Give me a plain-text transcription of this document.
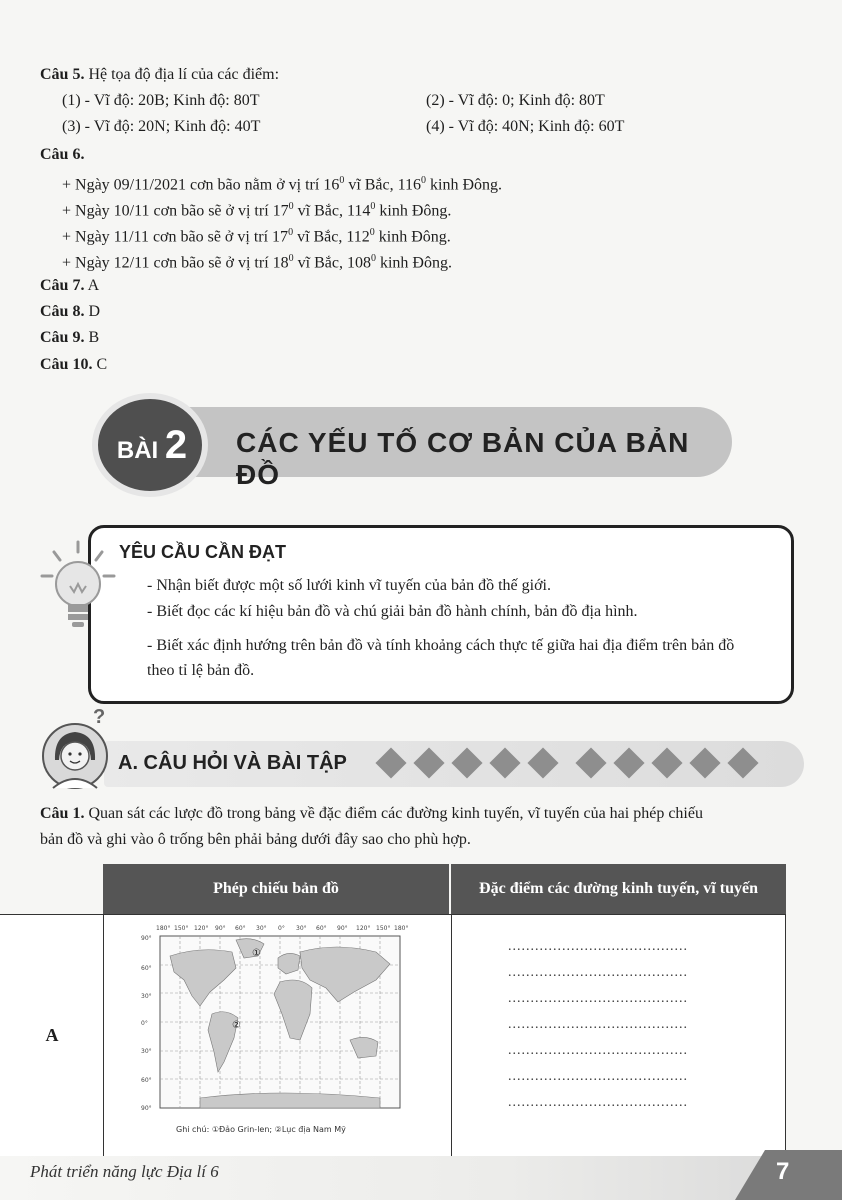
Câu 5. Hệ tọa độ địa lí của các điểm:
(1) - Vĩ độ: 20B; Kinh độ: 80T	(2) - Vĩ độ: 0; Kinh độ: 80T
(3) - Vĩ độ: 20N; Kinh độ: 40T	(4) - Vĩ độ: 40N; Kinh độ: 60T
Câu 6.
+ Ngày 09/11/2021 cơn bão nằm ở vị trí $16^0$ vĩ Bắc, $116^0$ kinh Đông.
+ Ngày 10/11 cơn bão sẽ ở vị trí $17^0$ vĩ Bắc, $114^0$ kinh Đông.
+ Ngày 11/11 cơn bão sẽ ở vị trí $17^0$ vĩ Bắc, $112^0$ kinh Đông.
+ Ngày 12/11 cơn bão sẽ ở vị trí $18^0$ vĩ Bắc, $108^0$ kinh Đông.
Câu 7. A
Câu 8. D
Câu 9. B
Câu 10. C
BÀI 2	CÁC YẾU TỐ CƠ BẢN CỦA BẢN ĐỒ
YÊU CẦU CẦN ĐẠT
- Nhận biết được một số lưới kinh vĩ tuyến của bản đồ thế giới.
- Biết đọc các kí hiệu bản đồ và chú giải bản đồ hành chính, bản đồ địa hình.
- Biết xác định hướng trên bản đồ và tính khoảng cách thực tế giữa hai địa điểm trên bản đồ
theo tỉ lệ bản đồ.
?
A. CÂU HỎI VÀ BÀI TẬP
Câu 1. Quan sát các lược đồ trong bảng về đặc điểm các đường kinh tuyến, vĩ tuyến của hai phép chiếu
bản đồ và ghi vào ô trống bên phải bảng dưới đây sao cho phù hợp.
Phép chiếu bản đồ	Đặc điểm các đường kinh tuyến, vĩ tuyến
A
180° 150° 120° 90° 60° 30° 0° 30° 60° 90° 120° 150° 180°
90°
60°
30°
0°
30°
60°
90°
①
②
Ghi chú: ①Đảo Grin-len; ②Lục địa Nam Mỹ
........................................
........................................
........................................
........................................
........................................
........................................
........................................
Phát triển năng lực Địa lí 6	7
